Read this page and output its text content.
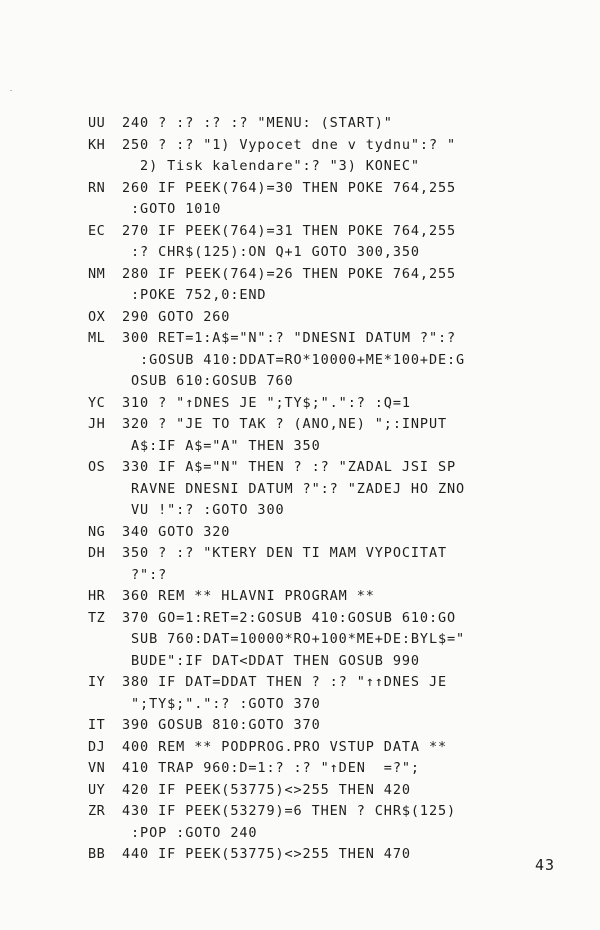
UU	240 ? :? :? :? "MENU: (START)"
KH	250 ? :? "1) Vypocet dne v tydnu":? "
2) Tisk kalendare":? "3) KONEC"
RN	260 IF PEEK(764)=30 THEN POKE 764,255
:GOTO 1010
EC	270 IF PEEK(764)=31 THEN POKE 764,255
:? CHR$(125):ON Q+1 GOTO 300,350
NM	280 IF PEEK(764)=26 THEN POKE 764,255
:POKE 752,0:END
OX	290 GOTO 260
ML	300 RET=1:A$="N":? "DNESNI DATUM ?":?
:GOSUB 410:DDAT=RO*10000+ME*100+DE:G
OSUB 610:GOSUB 760
YC	310 ? "↑DNES JE ";TY$;".":? :Q=1
JH	320 ? "JE TO TAK ? (ANO,NE) ";:INPUT
A$:IF A$="A" THEN 350
OS	330 IF A$="N" THEN ? :? "ZADAL JSI SP
RAVNE DNESNI DATUM ?":? "ZADEJ HO ZNO
VU !":? :GOTO 300
NG	340 GOTO 320
DH	350 ? :? "KTERY DEN TI MAM VYPOCITAT
?":?
HR	360 REM ** HLAVNI PROGRAM **
TZ	370 GO=1:RET=2:GOSUB 410:GOSUB 610:GO
SUB 760:DAT=10000*RO+100*ME+DE:BYL$="
BUDE":IF DAT<DDAT THEN GOSUB 990
IY	380 IF DAT=DDAT THEN ? :? "↑↑DNES JE
";TY$;".":? :GOTO 370
IT	390 GOSUB 810:GOTO 370
DJ	400 REM ** PODPROG.PRO VSTUP DATA **
VN	410 TRAP 960:D=1:? :? "↑DEN  =?";
UY	420 IF PEEK(53775)<>255 THEN 420
ZR	430 IF PEEK(53279)=6 THEN ? CHR$(125)
:POP :GOTO 240
BB	440 IF PEEK(53775)<>255 THEN 470
43
